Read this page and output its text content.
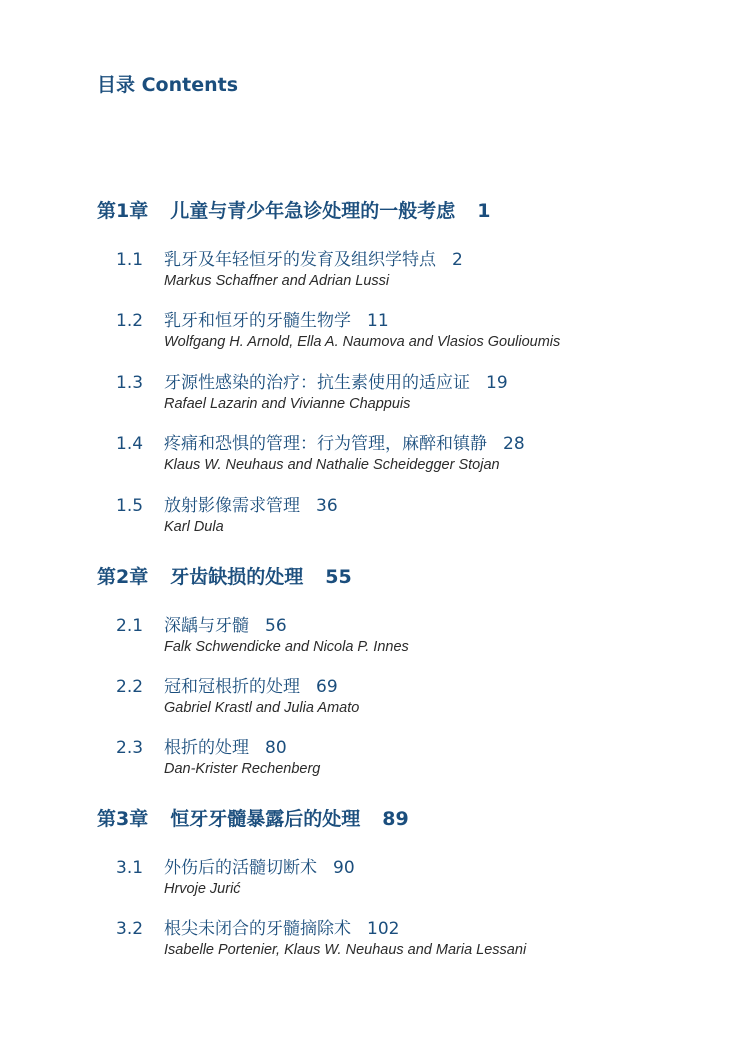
目录 Contents
第1章 儿童与青少年急诊处理的一般考虑 1
1.1 乳牙及年轻恒牙的发育及组织学特点 2
Markus Schaffner and Adrian Lussi
1.2 乳牙和恒牙的牙髓生物学 11
Wolfgang H. Arnold, Ella A. Naumova and Vlasios Goulioumis
1.3 牙源性感染的治疗：抗生素使用的适应证 19
Rafael Lazarin and Vivianne Chappuis
1.4 疼痛和恐惧的管理：行为管理，麻醉和镇静 28
Klaus W. Neuhaus and Nathalie Scheidegger Stojan
1.5 放射影像需求管理 36
Karl Dula
第2章 牙齿缺损的处理 55
2.1 深龋与牙髓 56
Falk Schwendicke and Nicola P. Innes
2.2 冠和冠根折的处理 69
Gabriel Krastl and Julia Amato
2.3 根折的处理 80
Dan-Krister Rechenberg
第3章 恒牙牙髓暴露后的处理 89
3.1 外伤后的活髓切断术 90
Hrvoje Jurić
3.2 根尖未闭合的牙髓摘除术 102
Isabelle Portenier, Klaus W. Neuhaus and Maria Lessani
